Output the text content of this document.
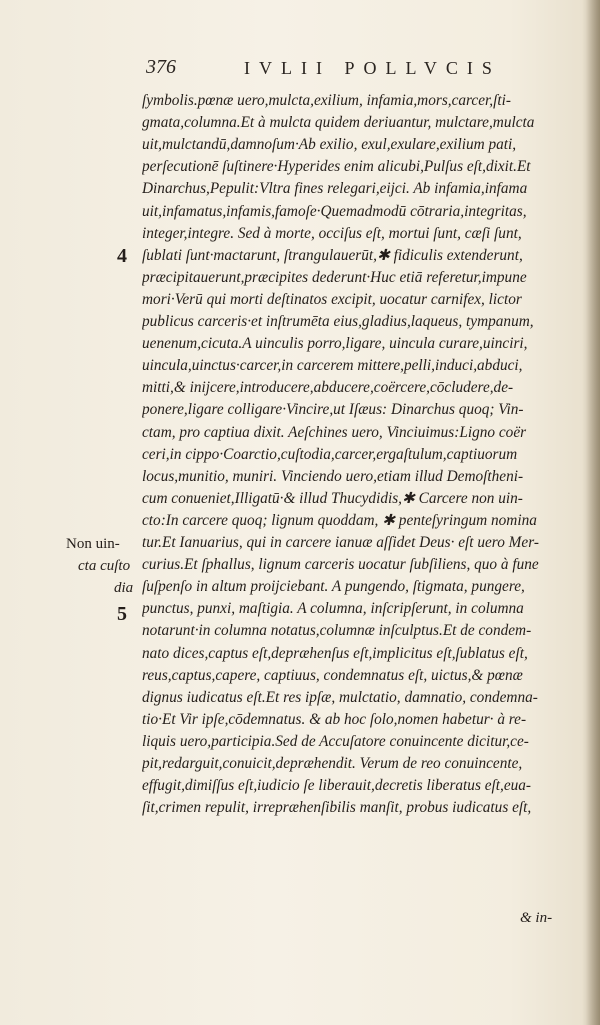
376	IVLII POLLVCIS
ſymbolis.pœnæ uero,mulcta,exilium, infamia,mors,carcer,ſti-
gmata,columna.Et à mulcta quidem deriuantur, mulctare,mulcta
uit,mulctandū,damnoſum·Ab exilio, exul,exulare,exilium pati,
perſecutionē ſuſtinere·Hyperides enim alicubi,Pulſus eſt,dixit.Et
Dinarchus,Pepulit:Vltra fines relegari,eijci. Ab infamia,infama
uit,infamatus,infamis,famoſe·Quemadmodū cōtraria,integritas,
integer,integre. Sed à morte, occiſus eſt, mortui ſunt, cæſi ſunt,
ſublati ſunt·mactarunt, ſtrangulauerūt,✱ fidiculis extenderunt,
præcipitauerunt,præcipites dederunt·Huc etiā referetur,impune
mori·Verū qui morti deſtinatos excipit, uocatur carnifex, lictor
publicus carceris·et inſtrumēta eius,gladius,laqueus, tympanum,
uenenum,cicuta.A uinculis porro,ligare, uincula curare,uinciri,
uincula,uinctus·carcer,in carcerem mittere,pelli,induci,abduci,
mitti,& inijcere,introducere,abducere,coërcere,cōcludere,de-
ponere,ligare colligare·Vincire,ut Iſæus: Dinarchus quoq; Vin-
ctam, pro captiua dixit. Aeſchines uero, Vinciuimus:Ligno coër
ceri,in cippo·Coarctio,cuſtodia,carcer,ergaſtulum,captiuorum
locus,munitio, muniri. Vinciendo uero,etiam illud Demoſtheni-
cum conueniet,Illigatū·& illud Thucydidis,✱ Carcere non uin-
cto:In carcere quoq; lignum quoddam, ✱ penteſyringum nomina
tur.Et Ianuarius, qui in carcere ianuæ aſſidet Deus· eſt uero Mer-
curius.Et ſphallus, lignum carceris uocatur ſubſiliens, quo à fune
ſuſpenſo in altum proijciebant. A pungendo, ſtigmata, pungere,
punctus, punxi, maſtigia. A columna, inſcripſerunt, in columna
notarunt·in columna notatus,columnæ inſculptus.Et de condem-
nato dices,captus eſt,depræhenſus eſt,implicitus eſt,ſublatus eſt,
reus,captus,capere, captiuus, condemnatus eſt, uictus,& pœnæ
dignus iudicatus eſt.Et res ipſæ, mulctatio, damnatio, condemna-
tio·Et Vir ipſe,cōdemnatus. & ab hoc ſolo,nomen habetur· à re-
liquis uero,participia.Sed de Accuſatore conuincente dicitur,ce-
pit,redarguit,conuicit,depræhendit. Verum de reo conuincente,
effugit,dimiſſus eſt,iudicio ſe liberauit,decretis liberatus eſt,eua-
ſit,crimen repulit, irrepræhenſibilis manſit, probus iudicatus eſt,
4
Non uin-
cta cuſto
dia
5
& in-
